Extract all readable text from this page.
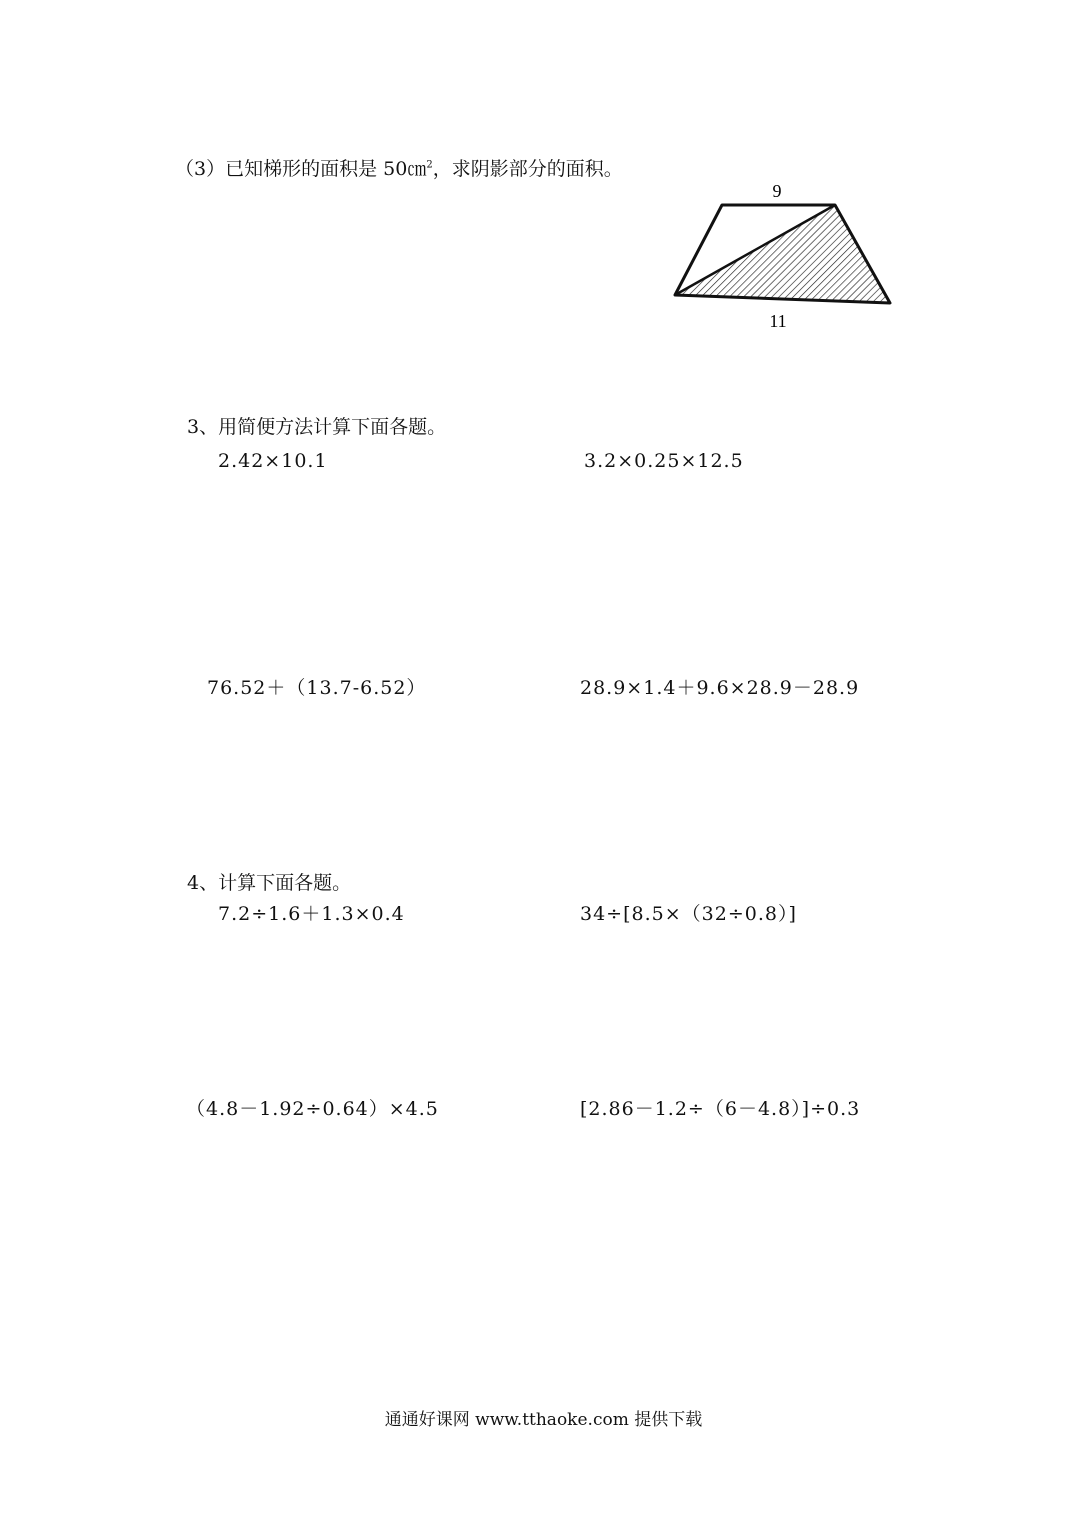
（3）已知梯形的面积是 50㎝$^2$，求阴影部分的面积。
9
11
3、用简便方法计算下面各题。
2.42×10.1	3.2×0.25×12.5
76.52＋（13.7-6.52）	28.9×1.4＋9.6×28.9－28.9
4、计算下面各题。
7.2÷1.6＋1.3×0.4	34÷[8.5×（32÷0.8）]
（4.8－1.92÷0.64）×4.5	[2.86－1.2÷（6－4.8）]÷0.3
通通好课网 www.tthaoke.com 提供下载
